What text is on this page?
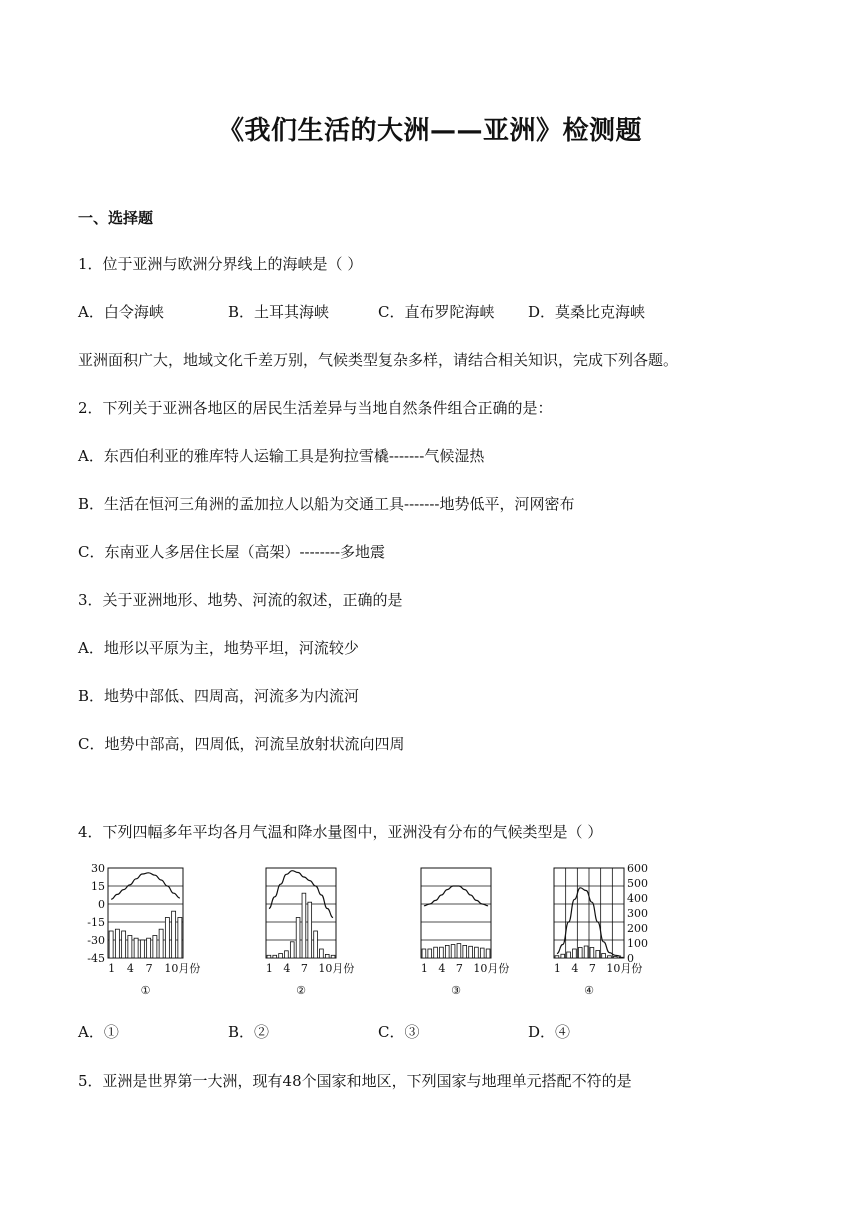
《我们生活的大洲——亚洲》检测题
一、选择题
1．位于亚洲与欧洲分界线上的海峡是（ ）
A．白令海峡	B．土耳其海峡	C．直布罗陀海峡 D．莫桑比克海峡
亚洲面积广大，地域文化千差万别，气候类型复杂多样，请结合相关知识，完成下列各题。
2．下列关于亚洲各地区的居民生活差异与当地自然条件组合正确的是：
A．东西伯利亚的雅库特人运输工具是狗拉雪橇-------气候湿热
B．生活在恒河三角洲的孟加拉人以船为交通工具-------地势低平，河网密布
C．东南亚人多居住长屋（高架）--------多地震
3．关于亚洲地形、地势、河流的叙述，正确的是
A．地形以平原为主，地势平坦，河流较少
B．地势中部低、四周高，河流多为内流河
C．地势中部高，四周低，河流呈放射状流向四周
4．下列四幅多年平均各月气温和降水量图中，亚洲没有分布的气候类型是（ ）
30
15
0
-15
-30
-45
1 4 7 10月份
①
1 4 7 10月份
②
1 4 7 10月份
③
600
500
400
300
200
100
0
1 4 7 10月份
④
A．①	B．②	C．③	D．④
5．亚洲是世界第一大洲，现有48个国家和地区，下列国家与地理单元搭配不符的是
